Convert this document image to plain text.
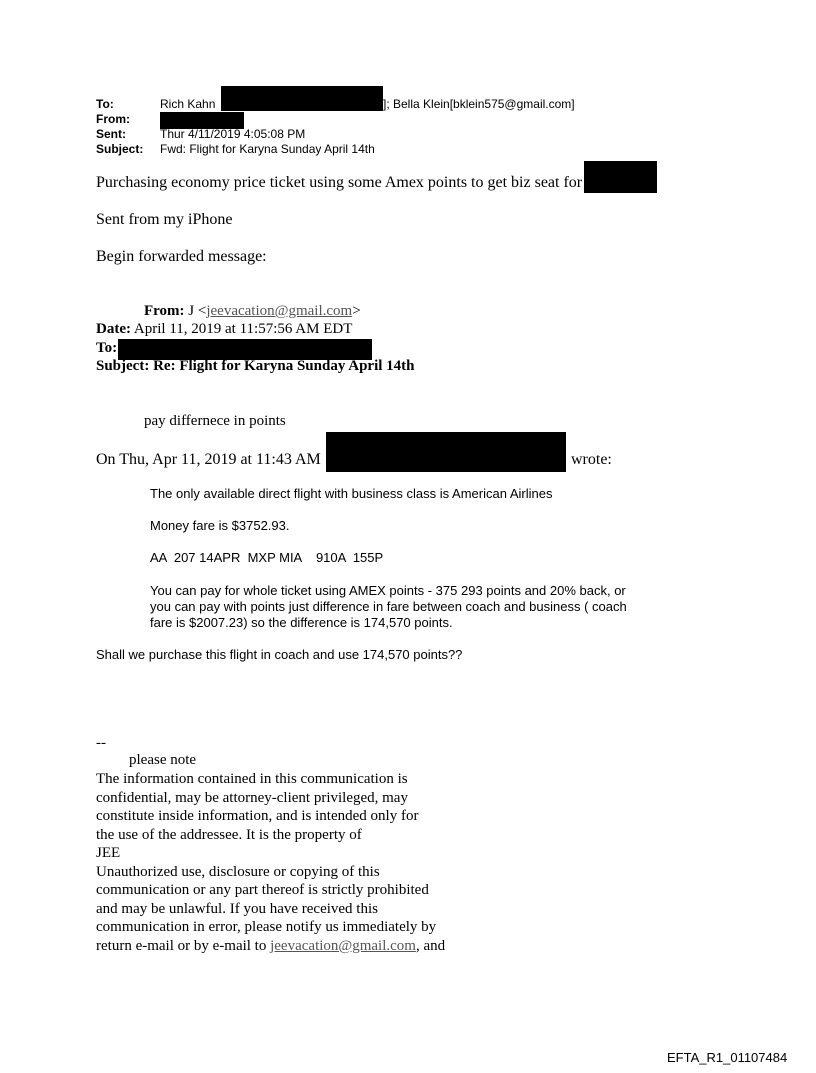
To:	Rich Kahn	]; Bella Klein[bklein575@gmail.com]
From:
Sent:	Thur 4/11/2019 4:05:08 PM
Subject: Fwd: Flight for Karyna Sunday April 14th
Purchasing economy price ticket using some Amex points to get biz seat for
Sent from my iPhone
Begin forwarded message:
From: J <jeevacation@gmail.com>
Date: April 11, 2019 at 11:57:56 AM EDT
To:
Subject: Re: Flight for Karyna Sunday April 14th
pay differnece in points
On Thu, Apr 11, 2019 at 11:43 AM	wrote:
The only available direct flight with business class is American Airlines
Money fare is $3752.93.
AA  207 14APR  MXP MIA    910A  155P
You can pay for whole ticket using AMEX points - 375 293 points and 20% back, or
you can pay with points just difference in fare between coach and business ( coach
fare is $2007.23) so the difference is 174,570 points.
Shall we purchase this flight in coach and use 174,570 points??
--
please note
The information contained in this communication is
confidential, may be attorney-client privileged, may
constitute inside information, and is intended only for
the use of the addressee. It is the property of
JEE
Unauthorized use, disclosure or copying of this
communication or any part thereof is strictly prohibited
and may be unlawful. If you have received this
communication in error, please notify us immediately by
return e-mail or by e-mail to jeevacation@gmail.com, and
EFTA_R1_01107484
